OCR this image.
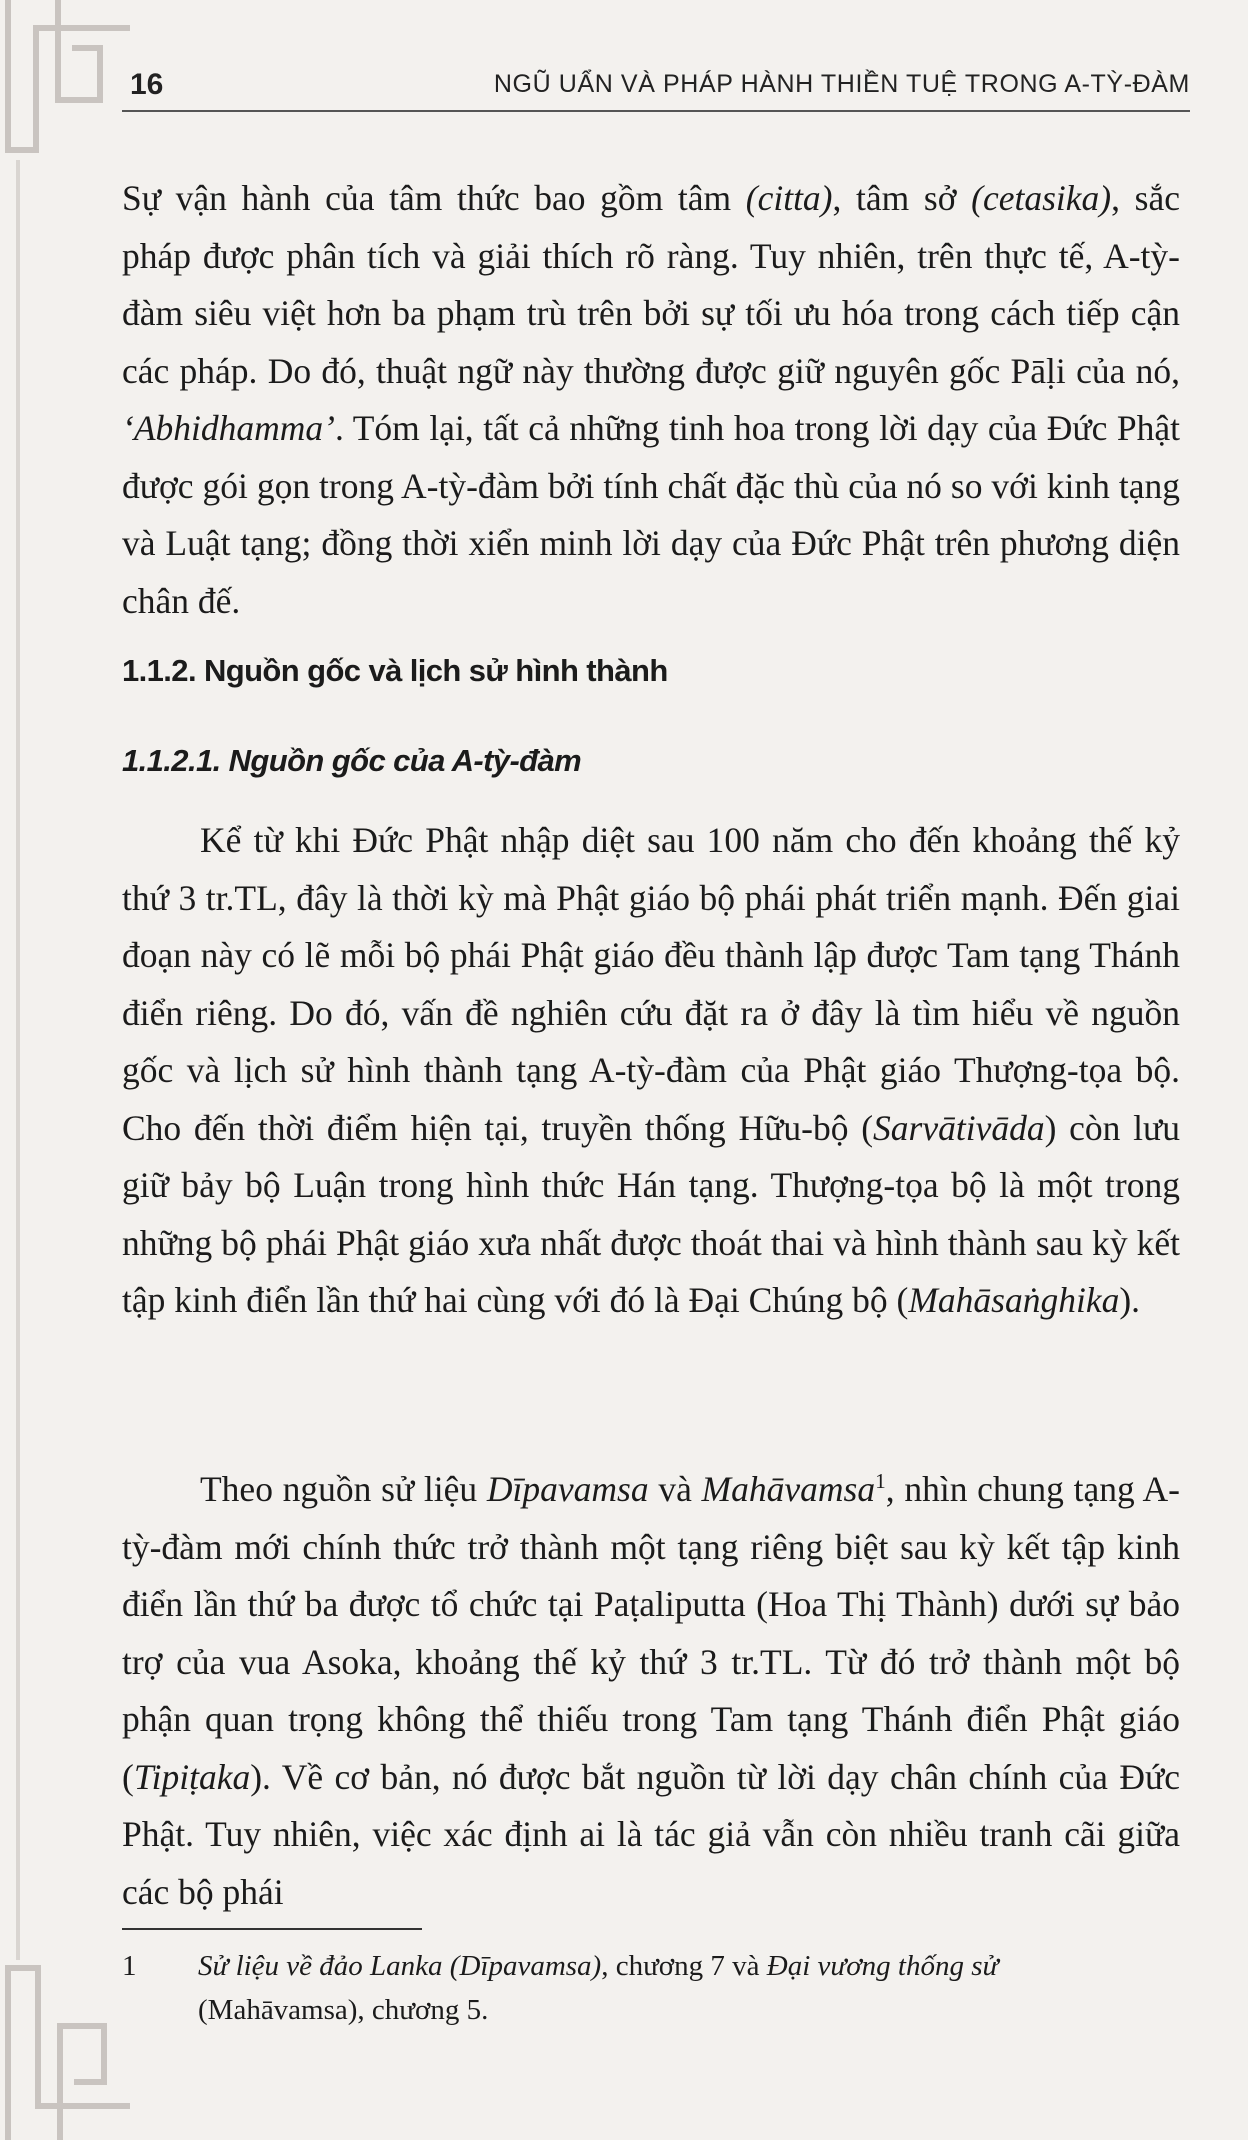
16	NGŨ UẨN VÀ PHÁP HÀNH THIỀN TUỆ TRONG A-TỲ-ĐÀM
Sự vận hành của tâm thức bao gồm tâm (citta), tâm sở (cetasika), sắc pháp được phân tích và giải thích rõ ràng. Tuy nhiên, trên thực tế, A-tỳ-đàm siêu việt hơn ba phạm trù trên bởi sự tối ưu hóa trong cách tiếp cận các pháp. Do đó, thuật ngữ này thường được giữ nguyên gốc Pāḷi của nó, ‘Abhidhamma’. Tóm lại, tất cả những tinh hoa trong lời dạy của Đức Phật được gói gọn trong A-tỳ-đàm bởi tính chất đặc thù của nó so với kinh tạng và Luật tạng; đồng thời xiển minh lời dạy của Đức Phật trên phương diện chân đế.
1.1.2. Nguồn gốc và lịch sử hình thành
1.1.2.1. Nguồn gốc của A-tỳ-đàm
Kể từ khi Đức Phật nhập diệt sau 100 năm cho đến khoảng thế kỷ thứ 3 tr.TL, đây là thời kỳ mà Phật giáo bộ phái phát triển mạnh. Đến giai đoạn này có lẽ mỗi bộ phái Phật giáo đều thành lập được Tam tạng Thánh điển riêng. Do đó, vấn đề nghiên cứu đặt ra ở đây là tìm hiểu về nguồn gốc và lịch sử hình thành tạng A-tỳ-đàm của Phật giáo Thượng-tọa bộ. Cho đến thời điểm hiện tại, truyền thống Hữu-bộ (Sarvātivāda) còn lưu giữ bảy bộ Luận trong hình thức Hán tạng. Thượng-tọa bộ là một trong những bộ phái Phật giáo xưa nhất được thoát thai và hình thành sau kỳ kết tập kinh điển lần thứ hai cùng với đó là Đại Chúng bộ (Mahāsaṅghika).
Theo nguồn sử liệu Dīpavamsa và Mahāvamsa$^1$, nhìn chung tạng A-tỳ-đàm mới chính thức trở thành một tạng riêng biệt sau kỳ kết tập kinh điển lần thứ ba được tổ chức tại Paṭaliputta (Hoa Thị Thành) dưới sự bảo trợ của vua Asoka, khoảng thế kỷ thứ 3 tr.TL. Từ đó trở thành một bộ phận quan trọng không thể thiếu trong Tam tạng Thánh điển Phật giáo (Tipiṭaka). Về cơ bản, nó được bắt nguồn từ lời dạy chân chính của Đức Phật. Tuy nhiên, việc xác định ai là tác giả vẫn còn nhiều tranh cãi giữa các bộ phái
1 Sử liệu về đảo Lanka (Dīpavamsa), chương 7 và Đại vương thống sử
(Mahāvamsa), chương 5.
